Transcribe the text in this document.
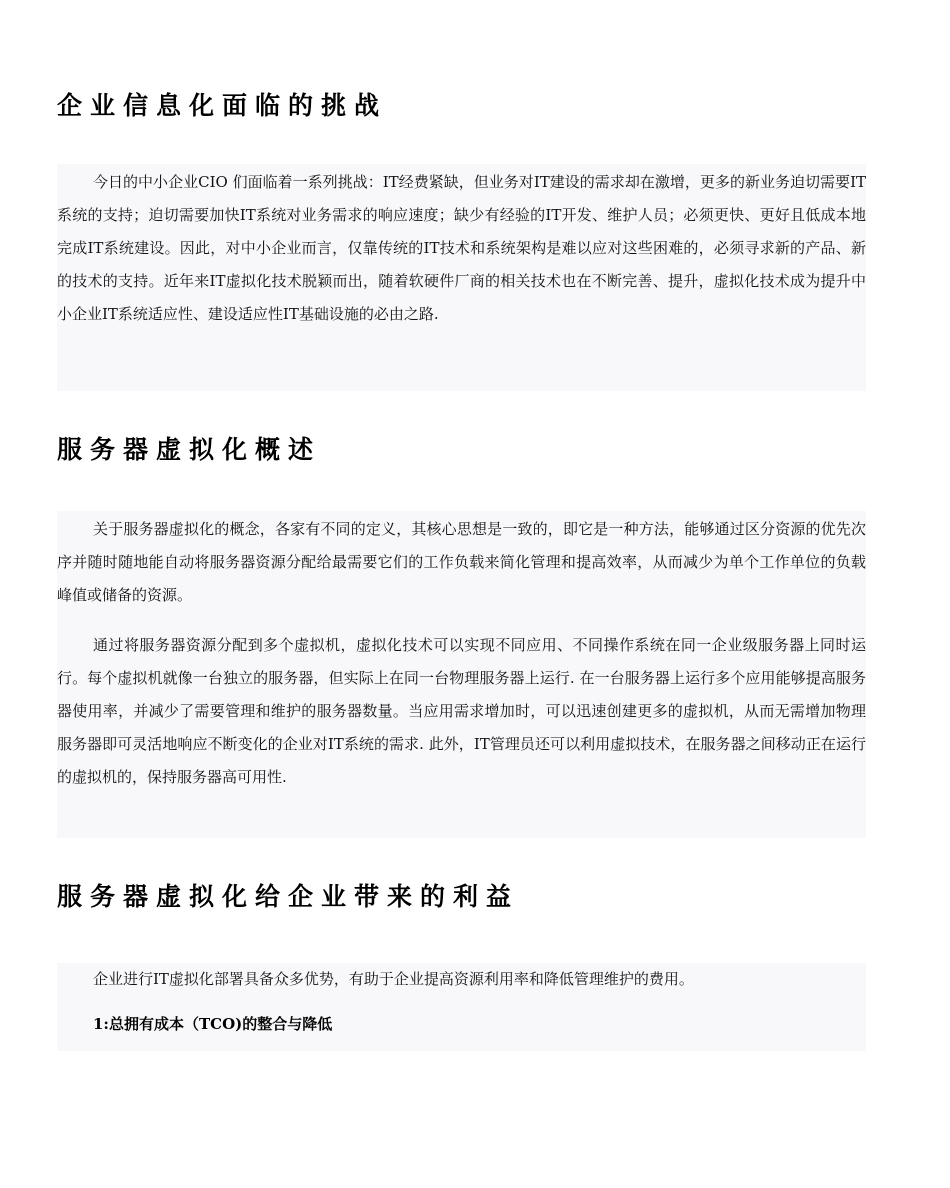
企业信息化面临的挑战

今日的中小企业CIO 们面临着一系列挑战：IT经费紧缺，但业务对IT建设的需求却在激增，更多的新业务迫切需要IT系统的支持；迫切需要加快IT系统对业务需求的响应速度；缺少有经验的IT开发、维护人员；必须更快、更好且低成本地完成IT系统建设。因此，对中小企业而言，仅靠传统的IT技术和系统架构是难以应对这些困难的，必须寻求新的产品、新的技术的支持。近年来IT虚拟化技术脱颖而出，随着软硬件厂商的相关技术也在不断完善、提升，虚拟化技术成为提升中小企业IT系统适应性、建设适应性IT基础设施的必由之路.

服务器虚拟化概述

关于服务器虚拟化的概念，各家有不同的定义，其核心思想是一致的，即它是一种方法，能够通过区分资源的优先次序并随时随地能自动将服务器资源分配给最需要它们的工作负载来简化管理和提高效率，从而减少为单个工作单位的负载峰值或储备的资源。

通过将服务器资源分配到多个虚拟机，虚拟化技术可以实现不同应用、不同操作系统在同一企业级服务器上同时运行。每个虚拟机就像一台独立的服务器，但实际上在同一台物理服务器上运行. 在一台服务器上运行多个应用能够提高服务器使用率，并减少了需要管理和维护的服务器数量。当应用需求增加时，可以迅速创建更多的虚拟机，从而无需增加物理服务器即可灵活地响应不断变化的企业对IT系统的需求. 此外，IT管理员还可以利用虚拟技术，在服务器之间移动正在运行的虚拟机的，保持服务器高可用性.

服务器虚拟化给企业带来的利益

企业进行IT虚拟化部署具备众多优势，有助于企业提高资源利用率和降低管理维护的费用。

1:总拥有成本（TCO)的整合与降低
